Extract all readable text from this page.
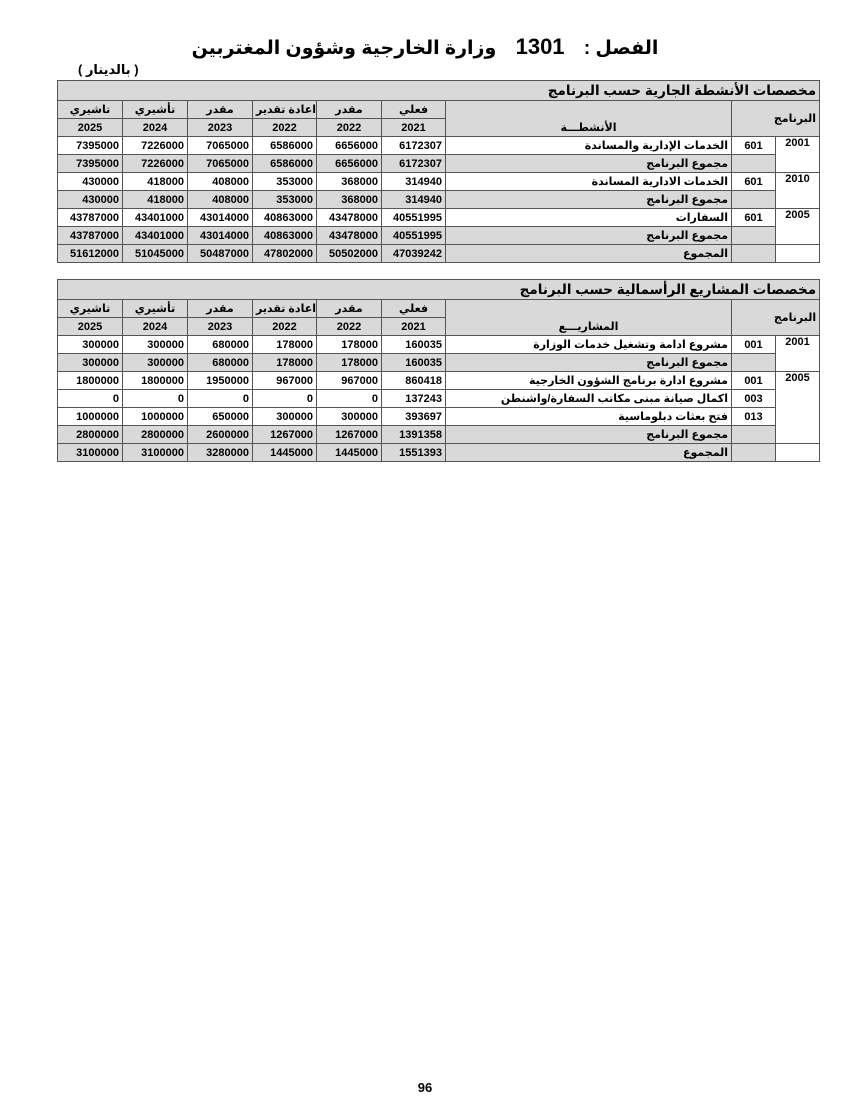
الفصل : 1301 وزارة الخارجية وشؤون المغتربين
( بالدينار )
مخصصات الأنشطة الجارية حسب البرنامج								
تاشيري	تأشيري	مقدر	اعادة تقدير	مقدر	فعلي	الأنشطـــة	البرنامج	
2025	2024	2023	2022	2022	2021			
7395000	7226000	7065000	6586000	6656000	6172307	الخدمات الإدارية والمساندة	601	2001
7395000	7226000	7065000	6586000	6656000	6172307	مجموع البرنامج		
430000	418000	408000	353000	368000	314940	الخدمات الادارية المساندة	601	2010
430000	418000	408000	353000	368000	314940	مجموع البرنامج		
43787000	43401000	43014000	40863000	43478000	40551995	السفارات	601	2005
43787000	43401000	43014000	40863000	43478000	40551995	مجموع البرنامج		
51612000	51045000	50487000	47802000	50502000	47039242	المجموع		
مخصصات المشاريع الرأسمالية حسب البرنامج								
تاشيري	تأشيري	مقدر	اعادة تقدير	مقدر	فعلي	المشاريـــع	البرنامج	
2025	2024	2023	2022	2022	2021			
300000	300000	680000	178000	178000	160035	مشروع ادامة وتشغيل خدمات الوزارة	001	2001
300000	300000	680000	178000	178000	160035	مجموع البرنامج		
1800000	1800000	1950000	967000	967000	860418	مشروع ادارة برنامج الشؤون الخارجية	001	2005
0	0	0	0	0	137243	اكمال صيانة مبنى مكاتب السفارة/واشنطن	003	
1000000	1000000	650000	300000	300000	393697	فتح بعثات دبلوماسية	013	
2800000	2800000	2600000	1267000	1267000	1391358	مجموع البرنامج		
3100000	3100000	3280000	1445000	1445000	1551393	المجموع		
96
